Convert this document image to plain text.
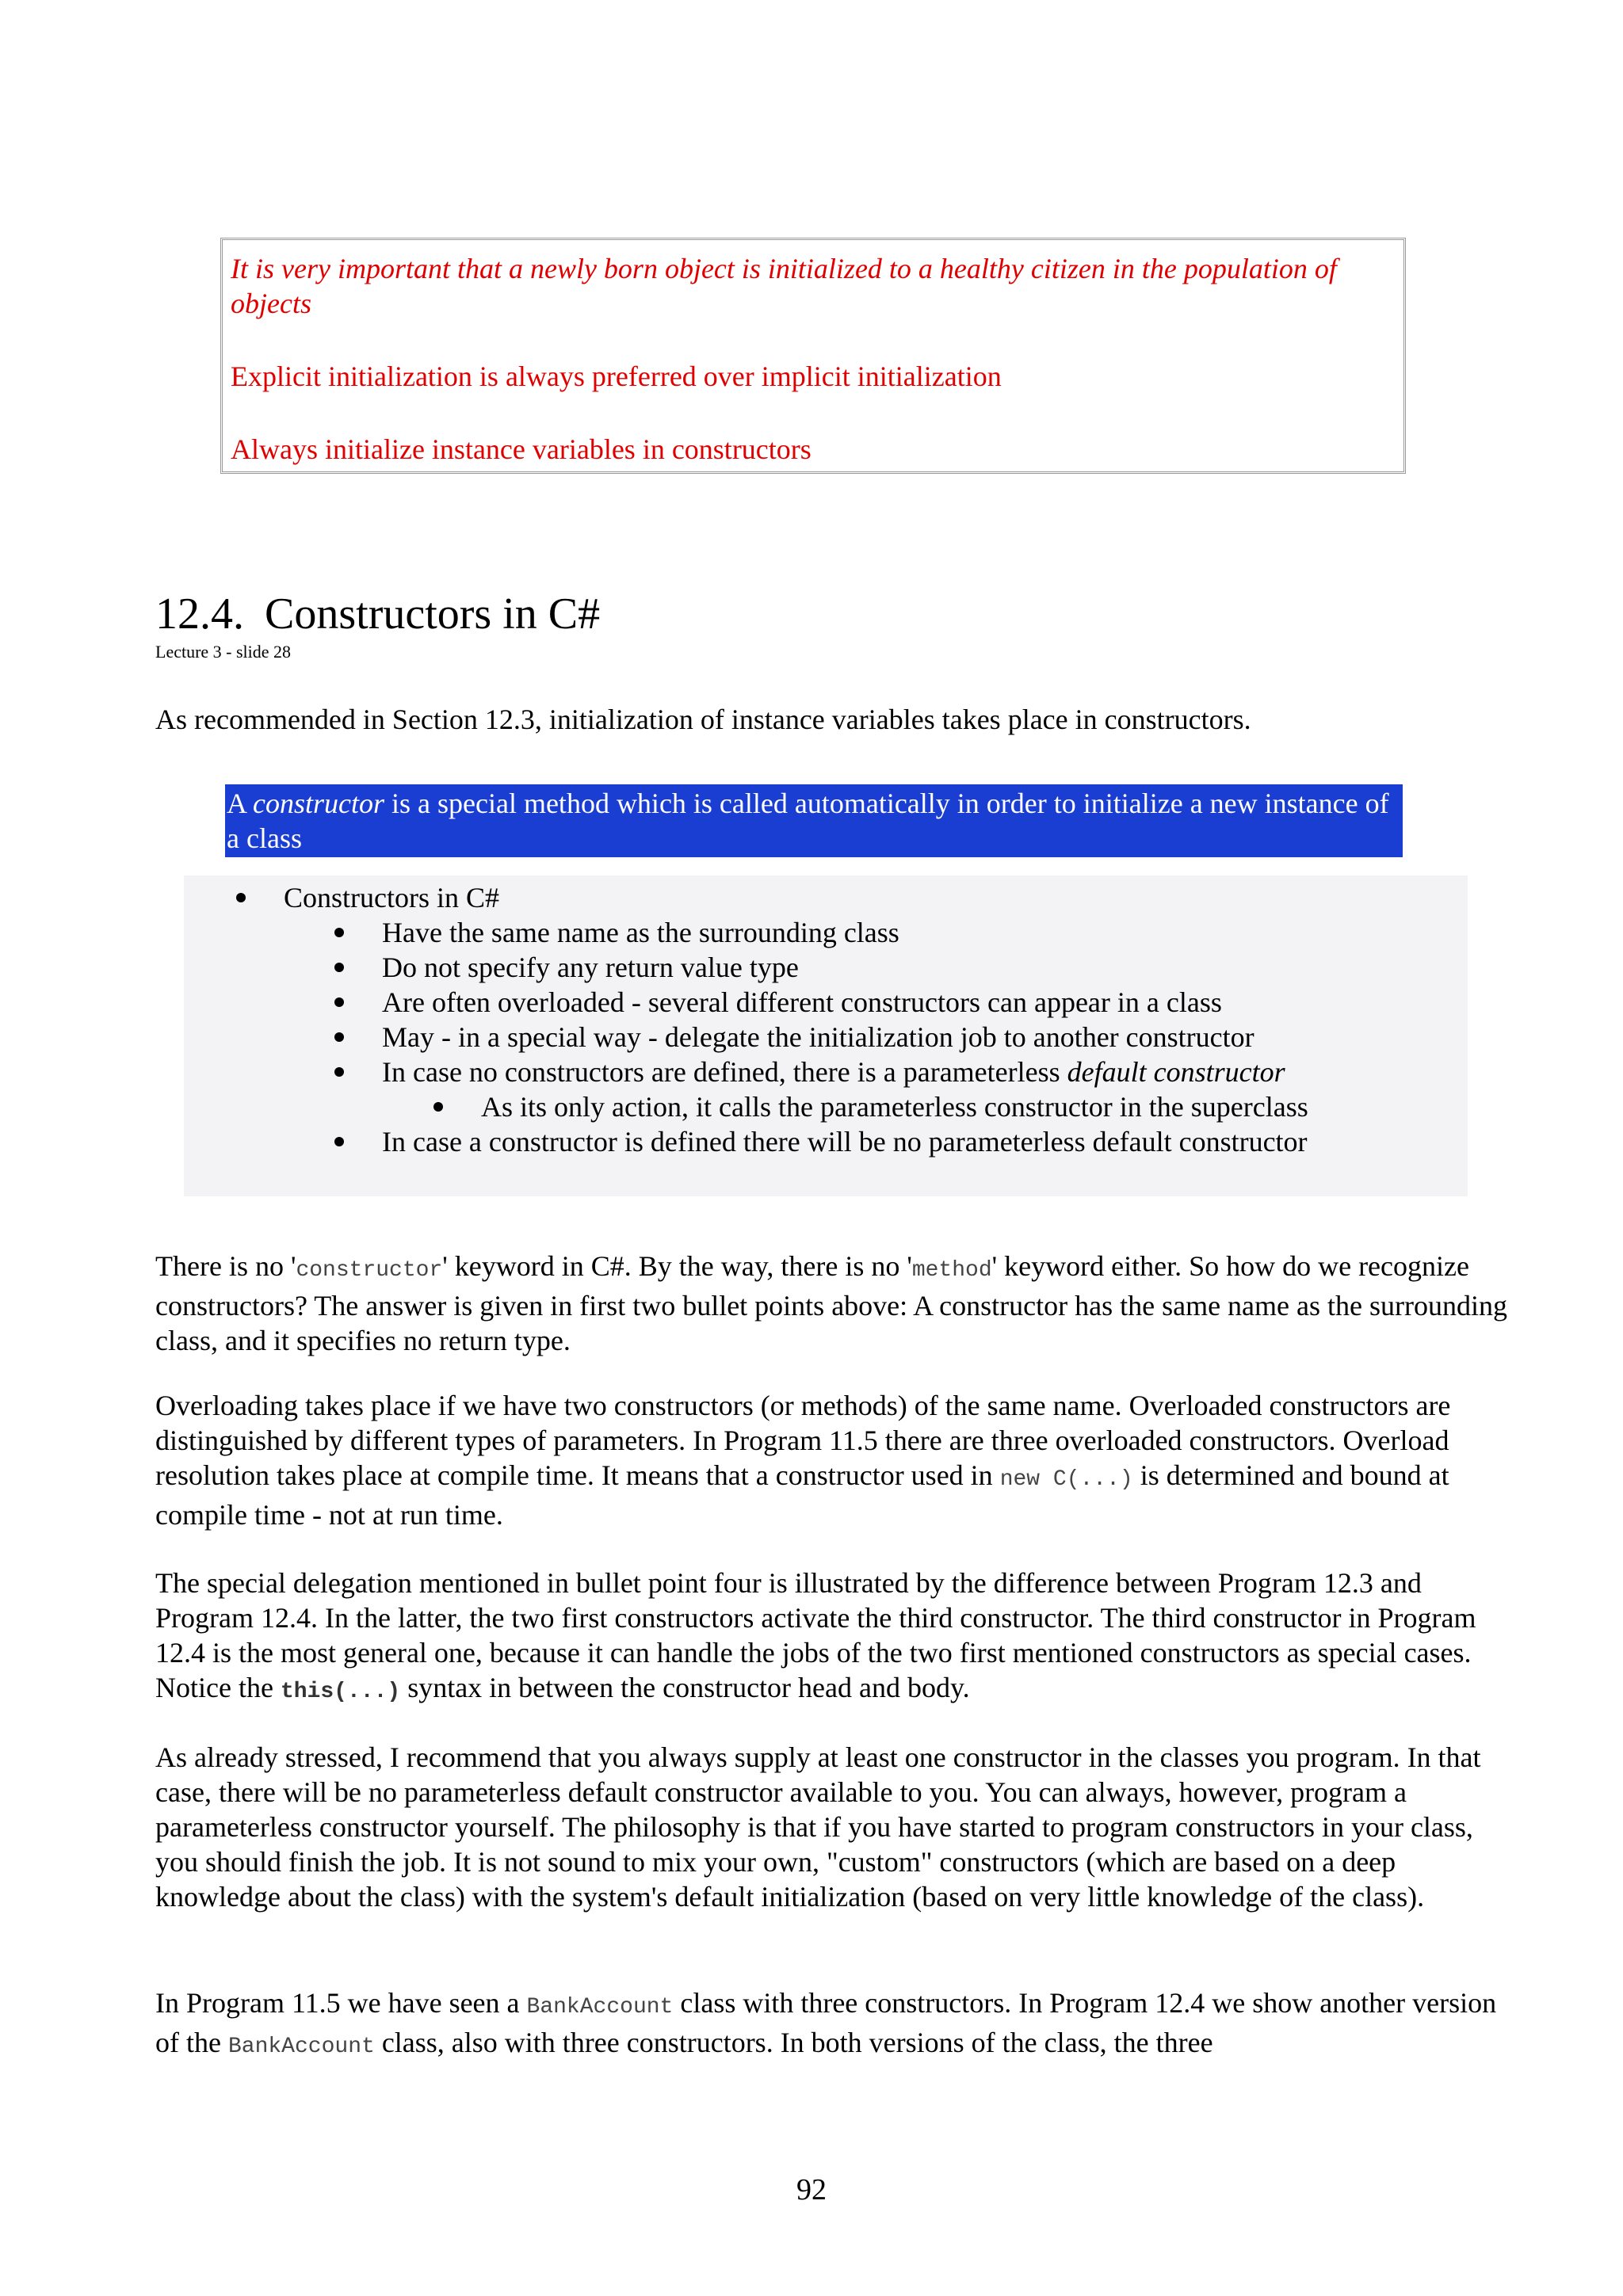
It is very important that a newly born object is initialized to a healthy citizen in the population of objects

Explicit initialization is always preferred over implicit initialization

Always initialize instance variables in constructors

12.4. Constructors in C#
Lecture 3 - slide 28

As recommended in Section 12.3, initialization of instance variables takes place in constructors.

A constructor is a special method which is called automatically in order to initialize a new instance of a class
Constructors in C#
Have the same name as the surrounding class
Do not specify any return value type
Are often overloaded - several different constructors can appear in a class
May - in a special way - delegate the initialization job to another constructor
In case no constructors are defined, there is a parameterless default constructor
As its only action, it calls the parameterless constructor in the superclass
In case a constructor is defined there will be no parameterless default constructor

There is no 'constructor' keyword in C#. By the way, there is no 'method' keyword either. So how do we recognize constructors? The answer is given in first two bullet points above: A constructor has the same name as the surrounding class, and it specifies no return type.

Overloading takes place if we have two constructors (or methods) of the same name. Overloaded constructors are distinguished by different types of parameters. In Program 11.5 there are three overloaded constructors. Overload resolution takes place at compile time. It means that a constructor used in new C(...) is determined and bound at compile time - not at run time.

The special delegation mentioned in bullet point four is illustrated by the difference between Program 12.3 and Program 12.4. In the latter, the two first constructors activate the third constructor. The third constructor in Program 12.4 is the most general one, because it can handle the jobs of the two first mentioned constructors as special cases. Notice the this(...) syntax in between the constructor head and body.

As already stressed, I recommend that you always supply at least one constructor in the classes you program. In that case, there will be no parameterless default constructor available to you. You can always, however, program a parameterless constructor yourself. The philosophy is that if you have started to program constructors in your class, you should finish the job. It is not sound to mix your own, "custom" constructors (which are based on a deep knowledge about the class) with the system's default initialization (based on very little knowledge of the class).

In Program 11.5 we have seen a BankAccount class with three constructors. In Program 12.4 we show another version of the BankAccount class, also with three constructors. In both versions of the class, the three

92
